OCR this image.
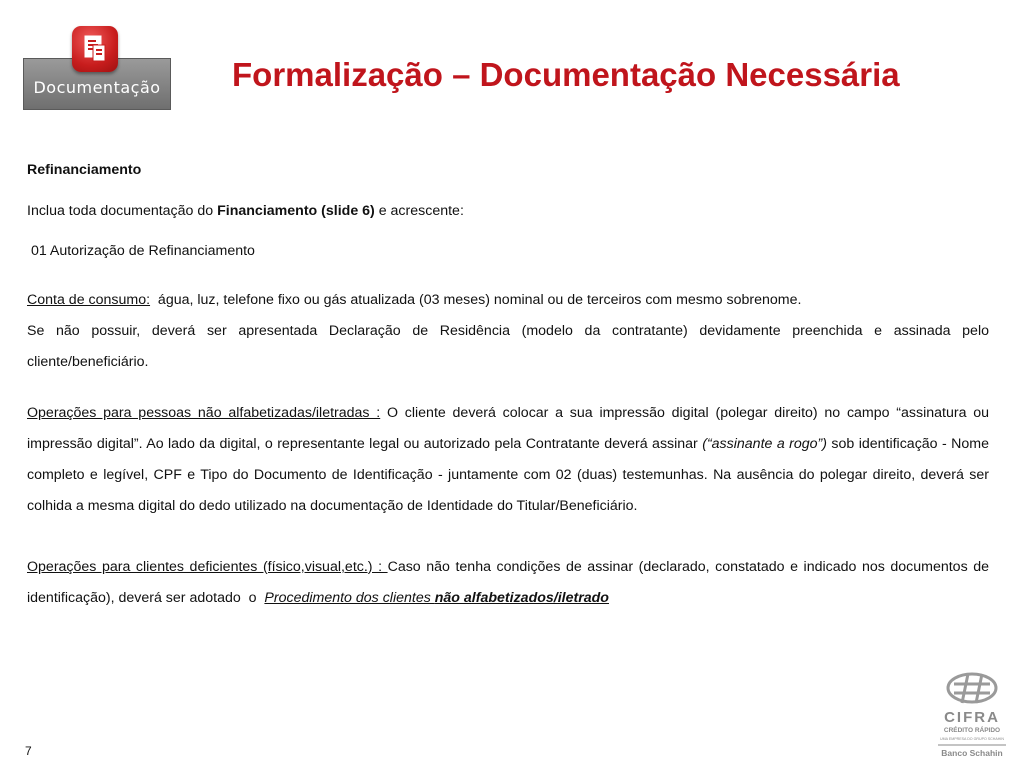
Documentação Formalização – Documentação Necessária

Refinanciamento

Inclua toda documentação do Financiamento (slide 6) e acrescente:

01 Autorização de Refinanciamento

Conta de consumo:  água, luz, telefone fixo ou gás atualizada (03 meses) nominal ou de terceiros com mesmo sobrenome.

Se não possuir, deverá ser apresentada Declaração de Residência (modelo da contratante) devidamente preenchida e assinada pelo cliente/beneficiário.

Operações para pessoas não alfabetizadas/iletradas : O cliente deverá colocar a sua impressão digital (polegar direito) no campo “assinatura ou impressão digital”. Ao lado da digital, o representante legal ou autorizado pela Contratante deverá assinar (“assinante a rogo”) sob identificação - Nome completo e legível, CPF e Tipo do Documento de Identificação - juntamente com 02 (duas) testemunhas. Na ausência do polegar direito, deverá ser colhida a mesma digital do dedo utilizado na documentação de Identidade do Titular/Beneficiário.

Operações para clientes deficientes (físico,visual,etc.) : Caso não tenha condições de assinar (declarado, constatado e indicado nos documentos de identificação), deverá ser adotado  o  Procedimento dos clientes não alfabetizados/iletrado

7
CIFRA
CRÉDITO RÁPIDO
UMA EMPRESA DO GRUPO SCHAHIN
Banco Schahin
